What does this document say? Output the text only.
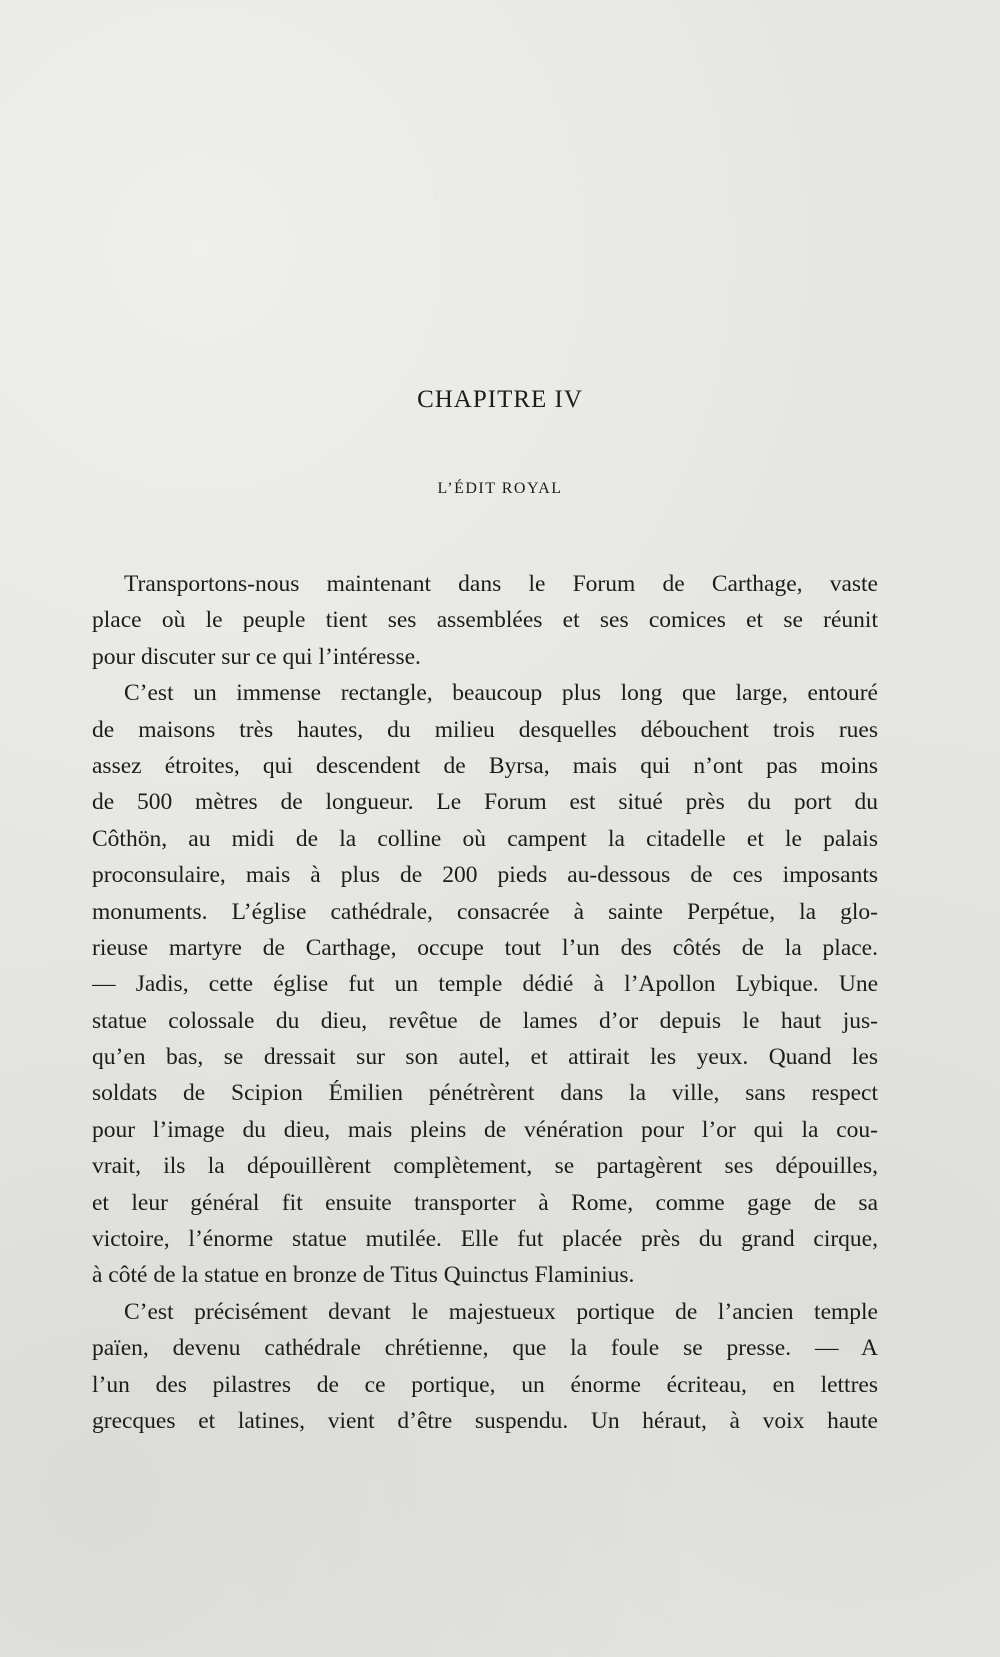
CHAPITRE IV
L’ÉDIT ROYAL
Transportons-nous maintenant dans le Forum de Carthage, vaste
place où le peuple tient ses assemblées et ses comices et se réunit
pour discuter sur ce qui l’intéresse.
C’est un immense rectangle, beaucoup plus long que large, entouré
de maisons très hautes, du milieu desquelles débouchent trois rues
assez étroites, qui descendent de Byrsa, mais qui n’ont pas moins
de 500 mètres de longueur. Le Forum est situé près du port du
Côthön, au midi de la colline où campent la citadelle et le palais
proconsulaire, mais à plus de 200 pieds au-dessous de ces imposants
monuments. L’église cathédrale, consacrée à sainte Perpétue, la glo-
rieuse martyre de Carthage, occupe tout l’un des côtés de la place.
— Jadis, cette église fut un temple dédié à l’Apollon Lybique. Une
statue colossale du dieu, revêtue de lames d’or depuis le haut jus-
qu’en bas, se dressait sur son autel, et attirait les yeux. Quand les
soldats de Scipion Émilien pénétrèrent dans la ville, sans respect
pour l’image du dieu, mais pleins de vénération pour l’or qui la cou-
vrait, ils la dépouillèrent complètement, se partagèrent ses dépouilles,
et leur général fit ensuite transporter à Rome, comme gage de sa
victoire, l’énorme statue mutilée. Elle fut placée près du grand cirque,
à côté de la statue en bronze de Titus Quinctus Flaminius.
C’est précisément devant le majestueux portique de l’ancien temple
païen, devenu cathédrale chrétienne, que la foule se presse. — A
l’un des pilastres de ce portique, un énorme écriteau, en lettres
grecques et latines, vient d’être suspendu. Un héraut, à voix haute
